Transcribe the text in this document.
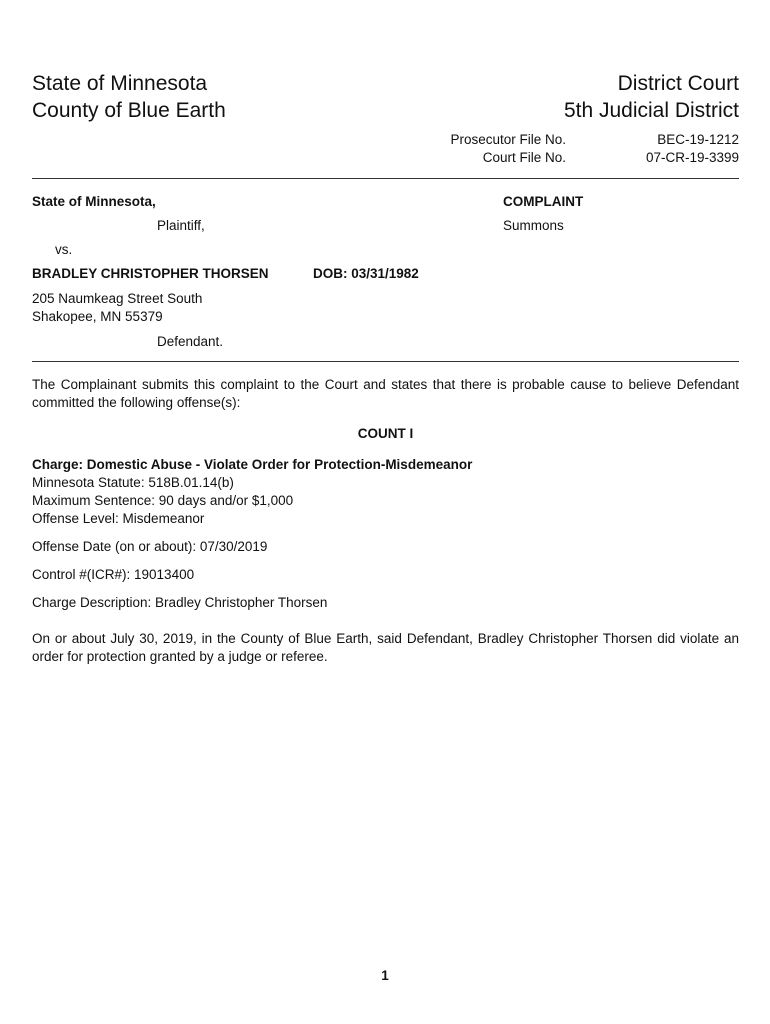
State of Minnesota
County of Blue Earth
District Court
5th Judicial District
Prosecutor File No.	BEC-19-1212
Court File No.	07-CR-19-3399
State of Minnesota,
Plaintiff,
vs.
BRADLEY CHRISTOPHER THORSEN	DOB: 03/31/1982
205 Naumkeag Street South
Shakopee, MN 55379
Defendant.
COMPLAINT
Summons
The Complainant submits this complaint to the Court and states that there is probable cause to believe Defendant committed the following offense(s):
COUNT I
Charge: Domestic Abuse - Violate Order for Protection-Misdemeanor
Minnesota Statute: 518B.01.14(b)
Maximum Sentence: 90 days and/or $1,000
Offense Level: Misdemeanor
Offense Date (on or about): 07/30/2019
Control #(ICR#): 19013400
Charge Description: Bradley Christopher Thorsen
On or about July 30, 2019, in the County of Blue Earth, said Defendant, Bradley Christopher Thorsen did violate an order for protection granted by a judge or referee.
1
